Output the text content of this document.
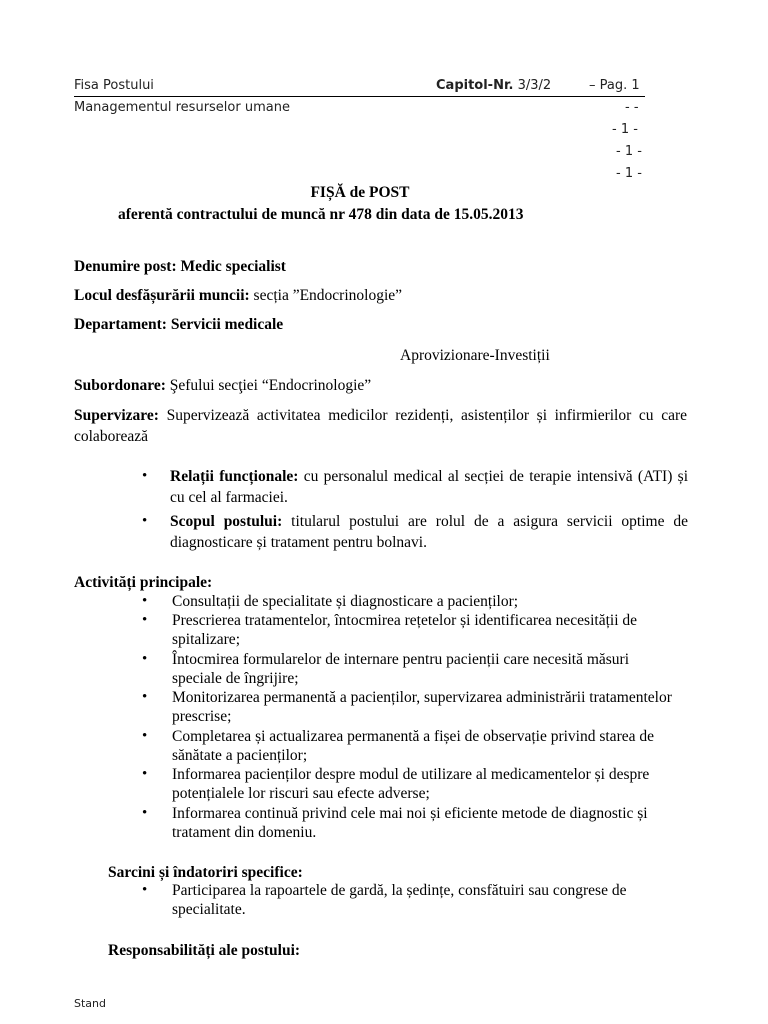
Fisa Postului	Capitol-Nr. 3/3/2	– Pag. 1
Managementul resurselor umane	- -
- 1 -
- 1 -
- 1 -
FIȘĂ de POST
aferentă contractului de muncă nr 478 din data de 15.05.2013
Denumire post: Medic specialist
Locul desfășurării muncii: secția ”Endocrinologie”
Departament: Servicii medicale
Aprovizionare-Investiții
Subordonare: Şefului secţiei “Endocrinologie”
Supervizare: Supervizează activitatea medicilor rezidenți, asistenților și infirmierilor cu care colaborează
• Relații funcționale: cu personalul medical al secției de terapie intensivă (ATI) și cu cel al farmaciei.
• Scopul postului: titularul postului are rolul de a asigura servicii optime de diagnosticare și tratament pentru bolnavi.
Activități principale:
• Consultații de specialitate și diagnosticare a pacienților;
• Prescrierea tratamentelor, întocmirea rețetelor și identificarea necesității de spitalizare;
• Întocmirea formularelor de internare pentru pacienții care necesită măsuri speciale de îngrijire;
• Monitorizarea permanentă a pacienților, supervizarea administrării tratamentelor prescrise;
• Completarea și actualizarea permanentă a fișei de observație privind starea de sănătate a pacienților;
• Informarea pacienților despre modul de utilizare al medicamentelor și despre potențialele lor riscuri sau efecte adverse;
• Informarea continuă privind cele mai noi și eficiente metode de diagnostic și tratament din domeniu.
Sarcini și îndatoriri specifice:
• Participarea la rapoartele de gardă, la ședințe, consfătuiri sau congrese de specialitate.
Responsabilități ale postului:
Stand
